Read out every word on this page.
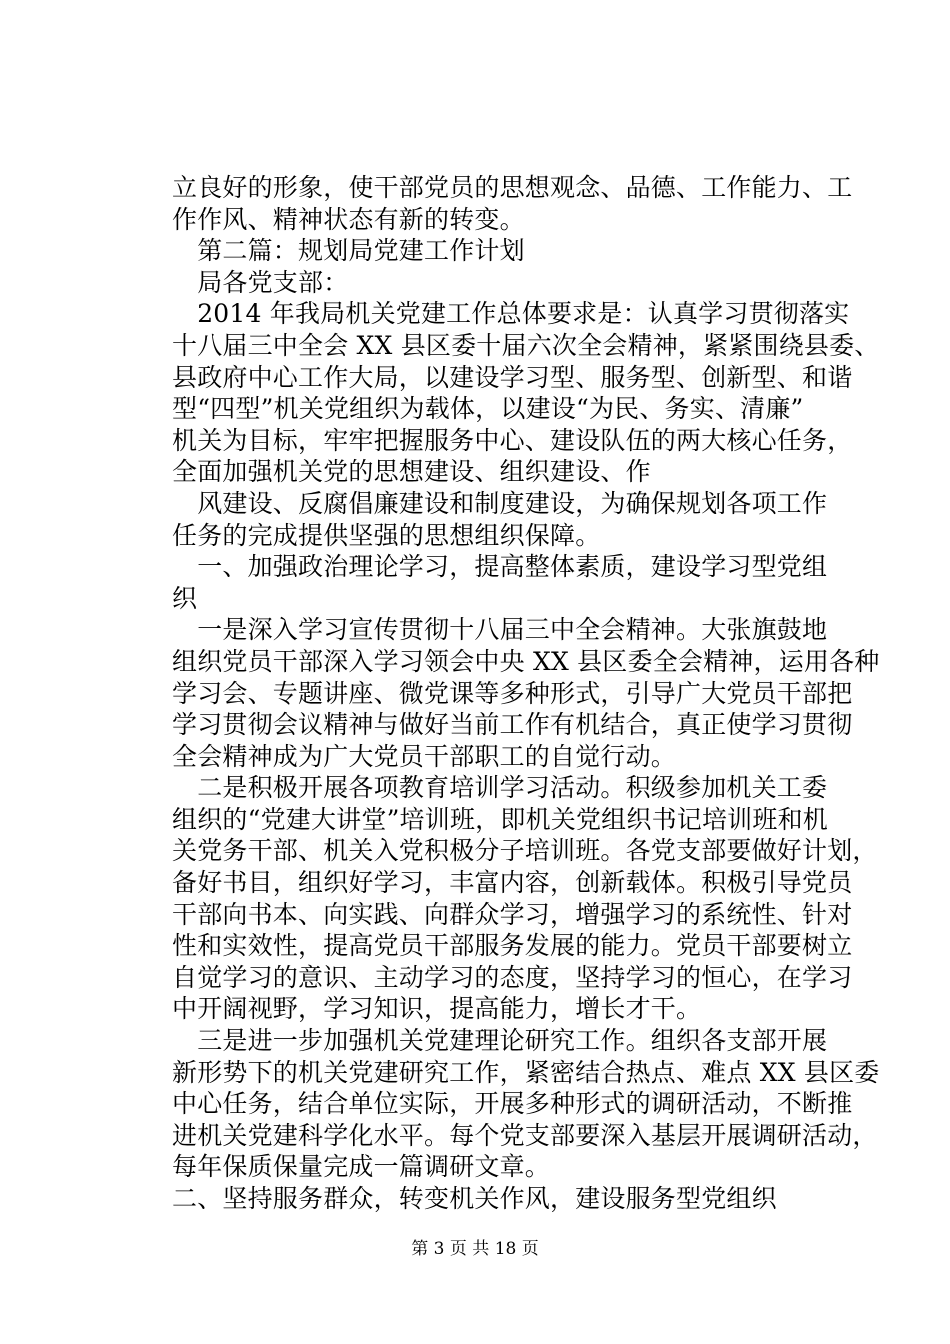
立良好的形象，使干部党员的思想观念、品德、工作能力、工
作作风、精神状态有新的转变。
　第二篇：规划局党建工作计划
　局各党支部：
　2014 年我局机关党建工作总体要求是：认真学习贯彻落实
十八届三中全会 XX 县区委十届六次全会精神，紧紧围绕县委、
县政府中心工作大局，以建设学习型、服务型、创新型、和谐
型“四型”机关党组织为载体，以建设“为民、务实、清廉”
机关为目标，牢牢把握服务中心、建设队伍的两大核心任务，
全面加强机关党的思想建设、组织建设、作
　风建设、反腐倡廉建设和制度建设，为确保规划各项工作
任务的完成提供坚强的思想组织保障。
　一、加强政治理论学习，提高整体素质，建设学习型党组
织
　一是深入学习宣传贯彻十八届三中全会精神。大张旗鼓地
组织党员干部深入学习领会中央 XX 县区委全会精神，运用各种
学习会、专题讲座、微党课等多种形式，引导广大党员干部把
学习贯彻会议精神与做好当前工作有机结合，真正使学习贯彻
全会精神成为广大党员干部职工的自觉行动。
　二是积极开展各项教育培训学习活动。积级参加机关工委
组织的“党建大讲堂”培训班，即机关党组织书记培训班和机
关党务干部、机关入党积极分子培训班。各党支部要做好计划，
备好书目，组织好学习，丰富内容，创新载体。积极引导党员
干部向书本、向实践、向群众学习，增强学习的系统性、针对
性和实效性，提高党员干部服务发展的能力。党员干部要树立
自觉学习的意识、主动学习的态度，坚持学习的恒心，在学习
中开阔视野，学习知识，提高能力，增长才干。
　三是进一步加强机关党建理论研究工作。组织各支部开展
新形势下的机关党建研究工作，紧密结合热点、难点 XX 县区委
中心任务，结合单位实际，开展多种形式的调研活动，不断推
进机关党建科学化水平。每个党支部要深入基层开展调研活动，
每年保质保量完成一篇调研文章。
二、坚持服务群众，转变机关作风，建设服务型党组织
第 3 页 共 18 页
